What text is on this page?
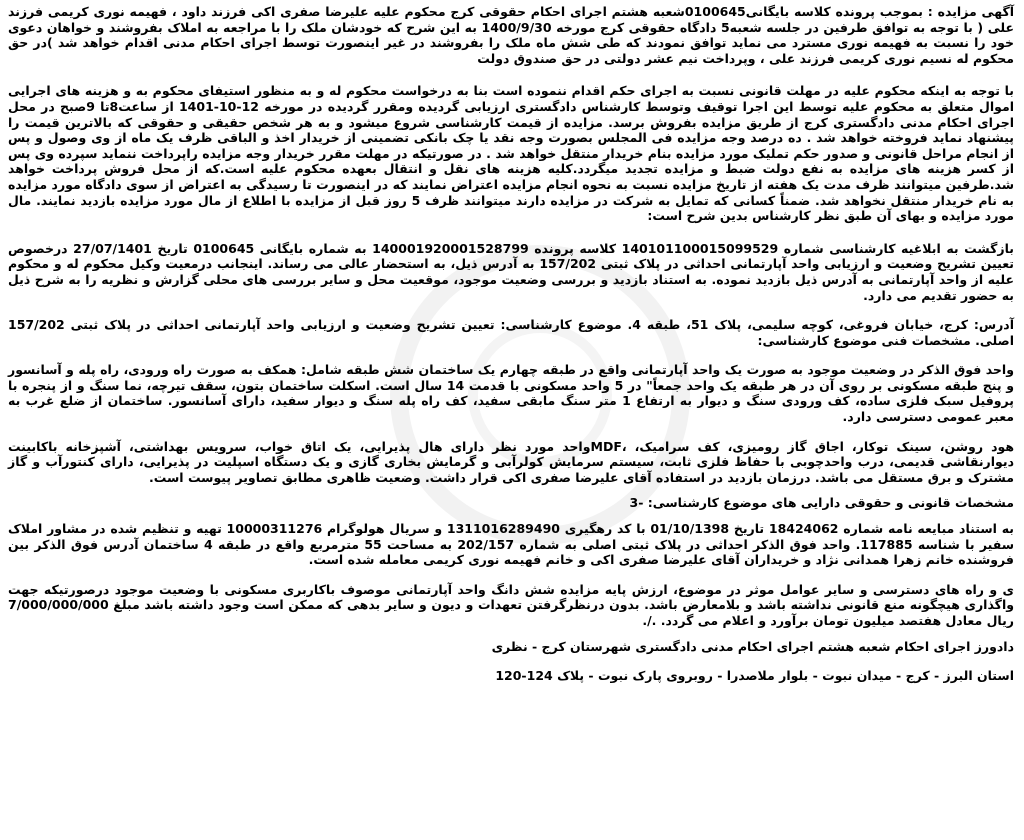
آگهی مزایده : بموجب پرونده کلاسه بایگانی0100645شعبه هشتم اجرای احکام حقوقی کرج محکوم علیه علیرضا صفری اکی فرزند داود ، فهیمه نوری کریمی فرزند علی ( با توجه به توافق طرفین در جلسه شعبه5 دادگاه حقوقی کرج مورخه 1400/9/30 به این شرح که خودشان ملک را با مراجعه به املاک بفروشند و خواهان دعوی خود را نسبت به فهیمه نوری مسترد می نماید توافق نمودند که طی شش ماه ملک را بفروشند در غیر اینصورت توسط اجرای احکام مدنی اقدام خواهد شد )در حق محکوم له نسیم نوری کریمی فرزند علی ، وپرداخت نیم عشر دولتی در حق صندوق دولت

با توجه به اینکه محکوم علیه در مهلت قانونی نسبت به اجرای حکم اقدام ننموده است بنا به درخواست محکوم له و به منظور استیفای محکوم به و هزینه های اجرایی اموال متعلق به محکوم علیه توسط این اجرا توقیف وتوسط کارشناس دادگستری ارزیابی گردیده ومقرر گردیده در مورخه 12-10-1401 از ساعت8تا 9صبح در محل اجرای احکام مدنی دادگستری کرج از طریق مزایده بفروش برسد. مزایده از قیمت کارشناسی شروع میشود و به هر شخص حقیقی و حقوقی که بالاترین قیمت را پیشنهاد نماید فروخته خواهد شد . ده درصد وجه مزایده فی المجلس بصورت وجه نقد یا چک بانکی تضمینی از خریدار اخذ و الباقی ظرف یک ماه از وی وصول و پس از انجام مراحل قانونی و صدور حکم تملیک مورد مزایده بنام خریدار منتقل خواهد شد . در صورتیکه در مهلت مقرر خریدار وجه مزایده راپرداخت ننماید سپرده وی پس از کسر هزینه های مزایده به نفع دولت ضبط و مزایده تجدید میگردد.کلیه هزینه های نقل و انتقال بعهده محکوم علیه است.که از محل فروش پرداخت خواهد شد.طرفین میتوانند ظرف مدت یک هفته از تاریخ مزایده نسبت به نحوه انجام مزایده اعتراض نمایند که در اینصورت تا رسیدگی به اعتراض از سوی دادگاه مورد مزایده به نام خریدار منتقل نخواهد شد. ضمناً کسانی که تمایل به شرکت در مزایده دارند میتوانند ظرف 5 روز قبل از مزایده با اطلاع از مال مورد مزایده بازدید نمایند. مال مورد مزایده و بهای آن طبق نظر کارشناس بدین شرح است:

بازگشت به ابلاغیه کارشناسی شماره 140101100015099529 کلاسه پرونده 140001920001528799 به شماره بایگانی 0100645 تاریخ 27/07/1401 درخصوص تعیین تشریح وضعیت و ارزیابی واحد آپارتمانی احداثی در پلاک ثبتی 157/202 به آدرس ذیل، به استحضار عالی می رساند. اینجانب درمعیت وکیل محکوم له و محکوم علیه از واحد آپارتمانی به آدرس ذیل بازدید نموده. به استناد بازدید و بررسی وضعیت موجود، موقعیت محل و سایر بررسی های محلی گزارش و نظریه را به شرح ذیل به حضور تقدیم می دارد.

آدرس: کرج، خیابان فروغی، کوچه سلیمی، پلاک 51، طبقه 4. موضوع کارشناسی: تعیین تشریح وضعیت و ارزیابی واحد آپارتمانی احداثی در پلاک ثبتی 157/202 اصلی. مشخصات فنی موضوع کارشناسی:

واحد فوق الذکر در وضعیت موجود به صورت یک واحد آپارتمانی واقع در طبقه چهارم یک ساختمان شش طبقه شامل: همکف به صورت راه ورودی، راه پله و آسانسور و پنج طبقه مسکونی بر روی آن در هر طبقه یک واحد جمعاً" در 5 واحد مسکونی با قدمت 14 سال است. اسکلت ساختمان بتون، سقف تیرچه، نما سنگ و از پنجره با پروفیل سبک فلزی ساده، کف ورودی سنگ و دیوار به ارتفاع 1 متر سنگ مابقی سفید، کف راه پله سنگ و دیوار سفید، دارای آسانسور. ساختمان از ضلع غرب به معبر عمومی دسترسی دارد.

هود روشن، سینک توکار، اجاق گاز رومیزی، کف سرامیک، ،MDFواحد مورد نظر دارای هال پذیرایی، یک اتاق خواب، سرویس بهداشتی، آشپزخانه باکابینت دیوارنقاشی قدیمی، درب واحدچوبی با حفاظ فلزی ثابت، سیستم سرمایش کولرآبی و گرمایش بخاری گازی و یک دستگاه اسپلیت در پذیرایی، دارای کنتورآب و گاز مشترک و برق مستقل می باشد. درزمان بازدید در استفاده آقای علیرضا صفری اکی قرار داشت. وضعیت ظاهری مطابق تصاویر پیوست است.

مشخصات قانونی و حقوقی دارایی های موضوع کارشناسی: -3

به استناد مبایعه نامه شماره 18424062 تاریخ 01/10/1398 با کد رهگیری 1311016289490 و سریال هولوگرام 10000311276 تهیه و تنظیم شده در مشاور املاک سفیر با شناسه 117885. واحد فوق الذکر احداثی در پلاک ثبتی اصلی به شماره 202/157 به مساحت 55 مترمربع واقع در طبقه 4 ساختمان آدرس فوق الذکر بین فروشنده خانم زهرا همدانی نژاد و خریداران آقای علیرضا صفری اکی و خانم فهیمه نوری کریمی معامله شده است.

ی و راه های دسترسی و سایر عوامل موثر در موضوع، ارزش پایه مزایده شش دانگ واحد آپارتمانی موصوف باکاربری مسکونی با وضعیت موجود درصورتیکه جهت واگذاری هیچگونه منع قانونی نداشته باشد و بلامعارض باشد. بدون درنظرگرفتن تعهدات و دیون و سایر بدهی که ممکن است وجود داشته باشد مبلغ 7/000/000/000 ریال معادل هفتصد میلیون تومان برآورد و اعلام می گردد. ./.

دادورز اجرای احکام شعبه هشتم اجرای احکام مدنی دادگستری شهرستان کرج - نظری

استان البرز - کرج - میدان نبوت - بلوار ملاصدرا - روبروی پارک نبوت - پلاک 124-120
